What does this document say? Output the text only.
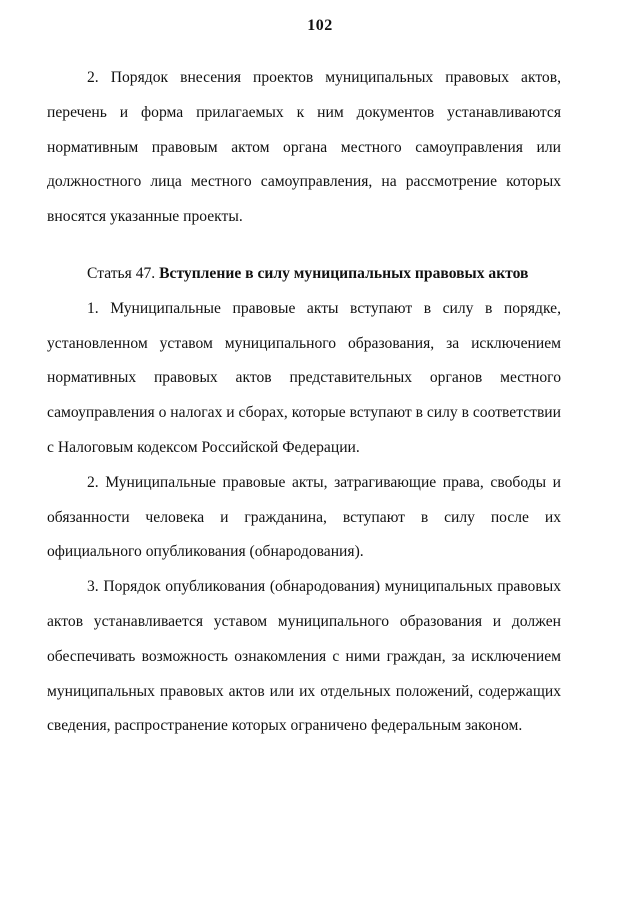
102

2. Порядок внесения проектов муниципальных правовых актов, перечень и форма прилагаемых к ним документов устанавливаются нормативным правовым актом органа местного самоуправления или должностного лица местного самоуправления, на рассмотрение которых вносятся указанные проекты.

Статья 47. Вступление в силу муниципальных правовых актов

1. Муниципальные правовые акты вступают в силу в порядке, установленном уставом муниципального образования, за исключением нормативных правовых актов представительных органов местного самоуправления о налогах и сборах, которые вступают в силу в соответствии с Налоговым кодексом Российской Федерации.

2. Муниципальные правовые акты, затрагивающие права, свободы и обязанности человека и гражданина, вступают в силу после их официального опубликования (обнародования).

3. Порядок опубликования (обнародования) муниципальных правовых актов устанавливается уставом муниципального образования и должен обеспечивать возможность ознакомления с ними граждан, за исключением муниципальных правовых актов или их отдельных положений, содержащих сведения, распространение которых ограничено федеральным законом.
